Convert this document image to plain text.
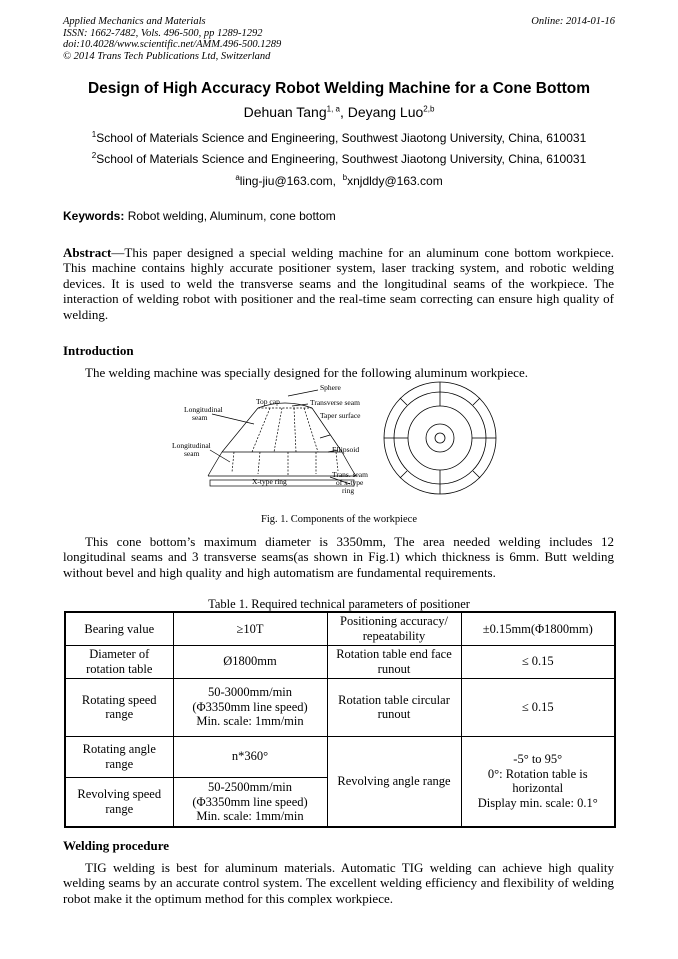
Applied Mechanics and Materials
ISSN: 1662-7482, Vols. 496-500, pp 1289-1292
doi:10.4028/www.scientific.net/AMM.496-500.1289
© 2014 Trans Tech Publications Ltd, Switzerland
Online: 2014-01-16
Design of High Accuracy Robot Welding Machine for a Cone Bottom
Dehuan Tang$^{1, a}$, Deyang Luo$^{2,b}$
$^1$School of Materials Science and Engineering, Southwest Jiaotong University, China, 610031
$^2$School of Materials Science and Engineering, Southwest Jiaotong University, China, 610031
$^a$ling-jiu@163.com, $^b$xnjdldy@163.com
Keywords: Robot welding, Aluminum, cone bottom
Abstract—This paper designed a special welding machine for an aluminum cone bottom workpiece. This machine contains highly accurate positioner system, laser tracking system, and robotic welding devices. It is used to weld the transverse seams and the longitudinal seams of the workpiece. The interaction of welding robot with positioner and the real-time seam correcting can ensure high quality of welding.
Introduction
The welding machine was specially designed for the following aluminum workpiece.
Sphere
Top cap	Transverse seam
Taper surface
Longitudinal
seam
Longitudinal
seam	Ellipsoid
Trans. seam
of x-type
ring
X-type ring
Fig. 1. Components of the workpiece
This cone bottom’s maximum diameter is 3350mm, The area needed welding includes 12 longitudinal seams and 3 transverse seams(as shown in Fig.1) which thickness is 6mm. Butt welding without bevel and high quality and high automatism are fundamental requirements.
Table 1. Required technical parameters of positioner
Bearing value	≥10T	Positioning accuracy/ repeatability	±0.15mm(Φ1800mm)
Diameter of rotation table	Ø1800mm	Rotation table end face runout	≤ 0.15
Rotating speed range	50-3000mm/min
(Φ3350mm line speed)
Min. scale: 1mm/min	Rotation table circular runout	≤ 0.15
Rotating angle range	n*360°	Revolving angle range	-5° to 95°
0°: Rotation table is horizontal
Display min. scale: 0.1°

Revolving speed range	50-2500mm/min
(Φ3350mm line speed)
Min. scale: 1mm/min		
Welding procedure
TIG welding is best for aluminum materials. Automatic TIG welding can achieve high quality welding seams by an accurate control system. The excellent welding efficiency and flexibility of welding robot make it the optimum method for this complex workpiece.
